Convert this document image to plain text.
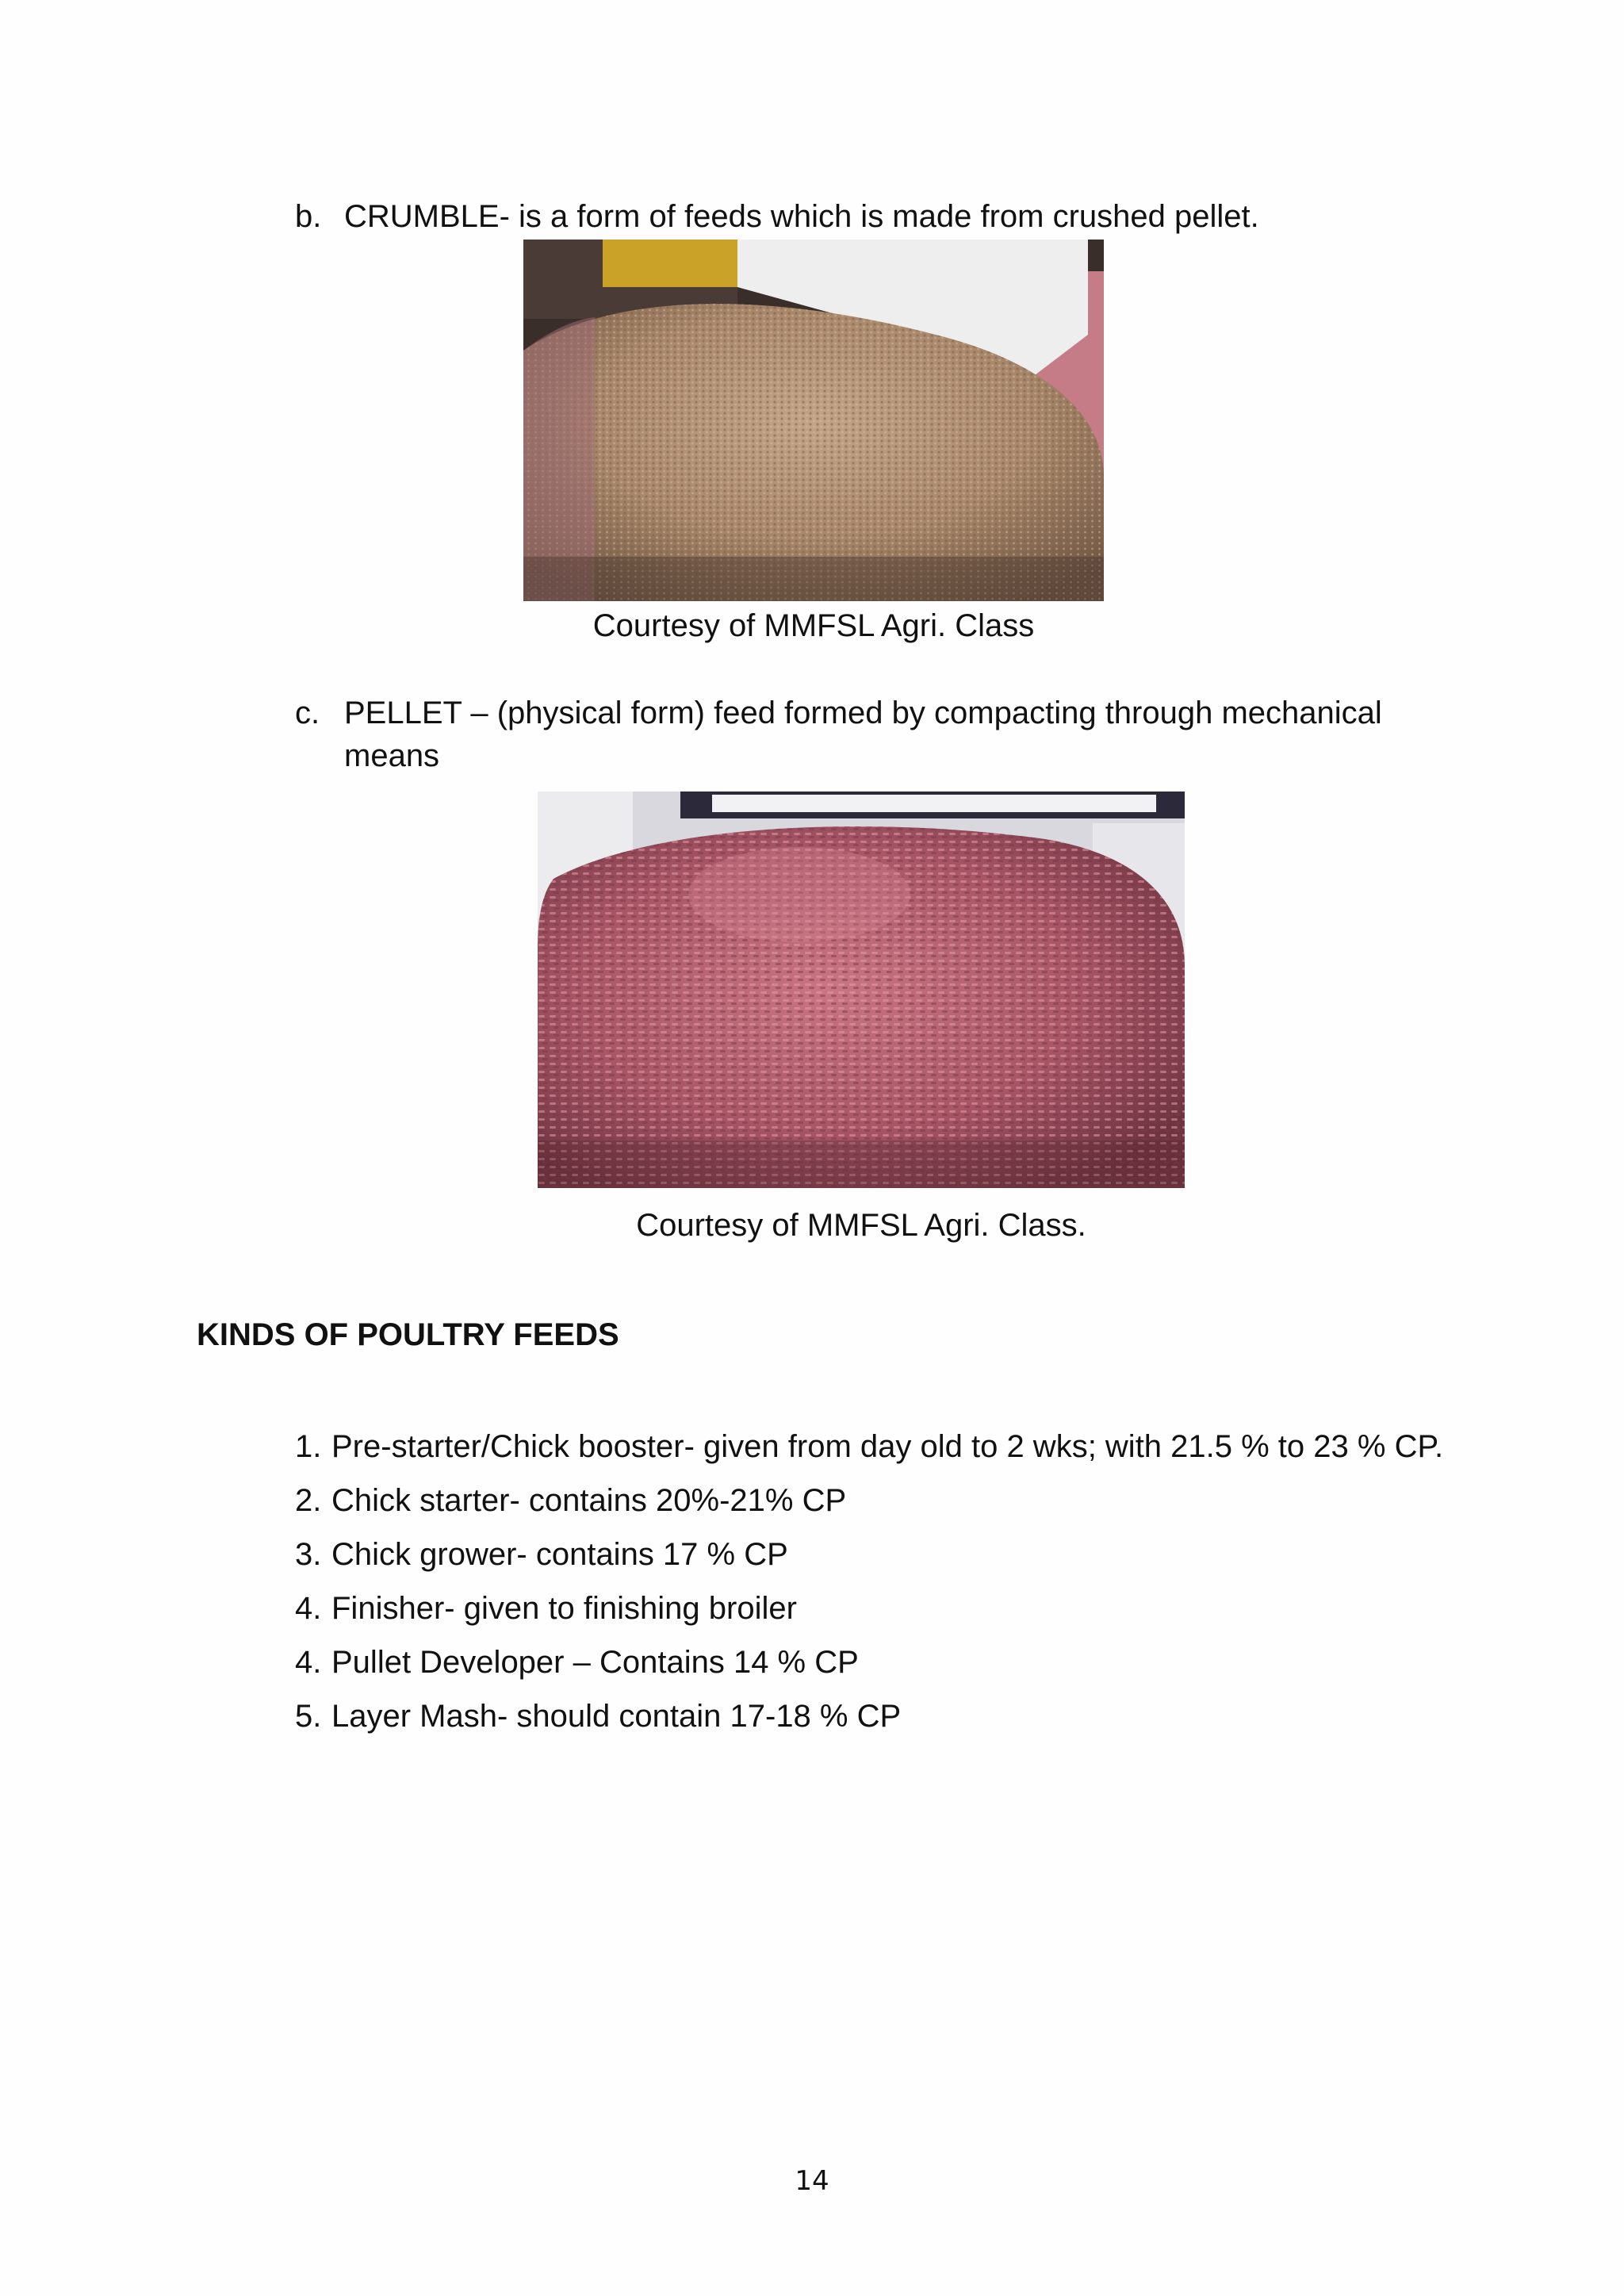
b. CRUMBLE- is a form of feeds which is made from crushed pellet.
Courtesy of MMFSL Agri. Class
c. PELLET – (physical form) feed formed by compacting through mechanical
means
Courtesy of MMFSL Agri. Class.
KINDS OF POULTRY FEEDS
1. Pre-starter/Chick booster- given from day old to 2 wks; with 21.5 % to 23 % CP.
2. Chick starter- contains 20%-21% CP
3. Chick grower- contains 17 % CP
4. Finisher- given to finishing broiler
4. Pullet Developer – Contains 14 % CP
5. Layer Mash- should contain 17-18 % CP
14
